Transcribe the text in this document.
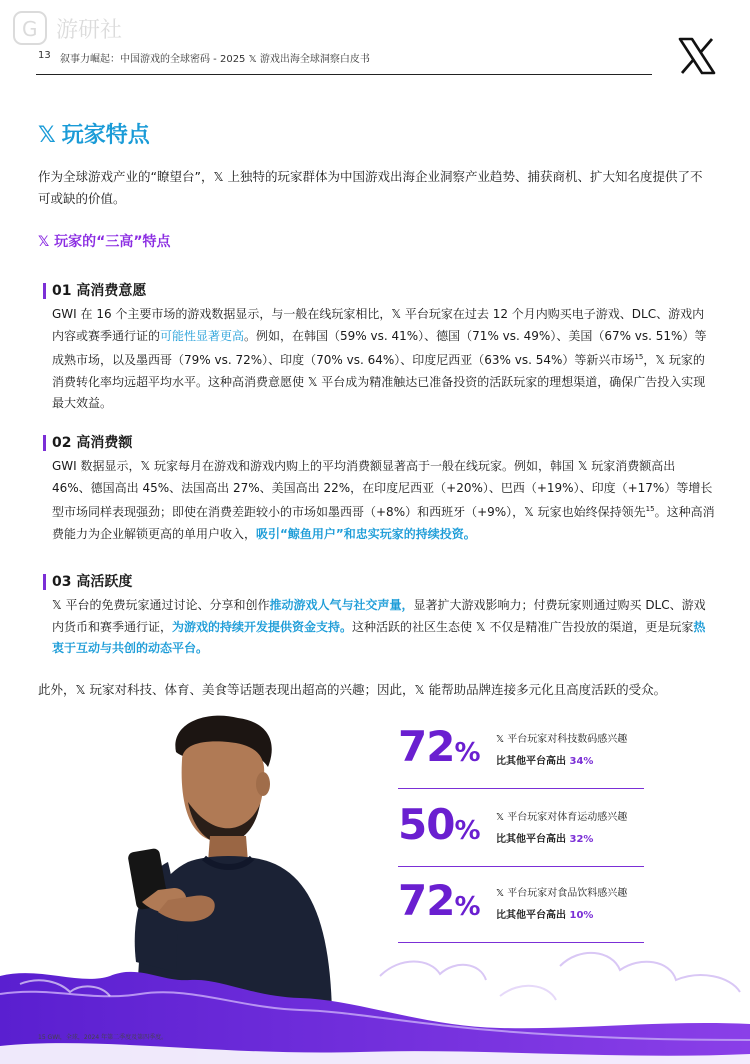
G 游研社
13 叙事力崛起：中国游戏的全球密码 - 2025 𝕏 游戏出海全球洞察白皮书
𝕏 玩家特点
作为全球游戏产业的“瞭望台”，𝕏 上独特的玩家群体为中国游戏出海企业洞察产业趋势、捕获商机、扩大知名度提供了不可或缺的价值。
𝕏 玩家的“三高”特点
01 高消费意愿

GWI 在 16 个主要市场的游戏数据显示，与一般在线玩家相比，𝕏 平台玩家在过去 12 个月内购买电子游戏、DLC、游戏内内容或赛季通行证的可能性显著更高。例如，在韩国（59% vs. 41%）、德国（71% vs. 49%）、美国（67% vs. 51%）等成熟市场，以及墨西哥（79% vs. 72%）、印度（70% vs. 64%）、印度尼西亚（63% vs. 54%）等新兴市场$^{15}$，𝕏 玩家的消费转化率均远超平均水平。这种高消费意愿使 𝕏 平台成为精准触达已准备投资的活跃玩家的理想渠道，确保广告投入实现最大效益。

02 高消费额

GWI 数据显示，𝕏 玩家每月在游戏和游戏内购上的平均消费额显著高于一般在线玩家。例如，韩国 𝕏 玩家消费额高出 46%、德国高出 45%、法国高出 27%、美国高出 22%，在印度尼西亚（+20%）、巴西（+19%）、印度（+17%）等增长型市场同样表现强劲；即使在消费差距较小的市场如墨西哥（+8%）和西班牙（+9%），𝕏 玩家也始终保持领先$^{15}$。这种高消费能力为企业解锁更高的单用户收入，吸引“鲸鱼用户”和忠实玩家的持续投资。

03 高活跃度

𝕏 平台的免费玩家通过讨论、分享和创作推动游戏人气与社交声量，显著扩大游戏影响力；付费玩家则通过购买 DLC、游戏内货币和赛季通行证，为游戏的持续开发提供资金支持。这种活跃的社区生态使 𝕏 不仅是精准广告投放的渠道，更是玩家热衷于互动与共创的动态平台。

此外，𝕏 玩家对科技、体育、美食等话题表现出超高的兴趣；因此，𝕏 能帮助品牌连接多元化且高度活跃的受众。
72% 𝕏 平台玩家对科技数码感兴趣
比其他平台高出 34%
50% 𝕏 平台玩家对体育运动感兴趣
比其他平台高出 32%
72% 𝕏 平台玩家对食品饮料感兴趣
比其他平台高出 10%
15 GWI，全球，2024 年第二季度及第四季度。
